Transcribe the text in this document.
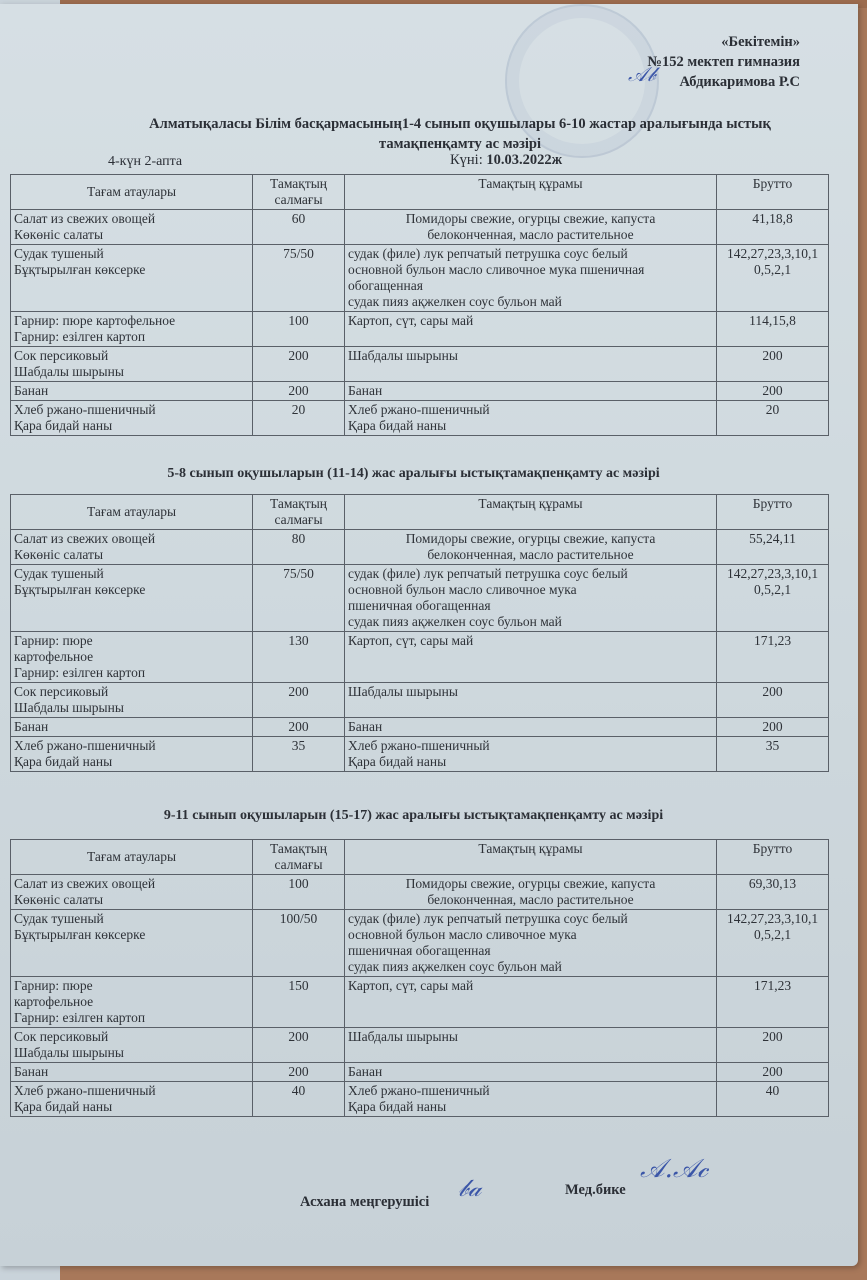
«Бекітемін»
№152 мектеп гимназия
Абдикаримова Р.С
𝒜𝒷
Алматықаласы Білім басқармасының1-4 сынып оқушылары 6-10 жастар аралығында ыстық
тамақпенқамту ас мәзірі
4-күн 2-апта	Күні: 10.03.2022ж
Тағам атаулары	Тамақтың
салмағы	Тамақтың құрамы	Брутто

Салат из свежих овощей
Көкөніс салаты	60	Помидоры свежие, огурцы свежие, капуста
белоконченная, масло растительное	41,18,8

Судак тушеный
Бұқтырылған көксерке	75/50	судак (филе) лук репчатый петрушка соус белый
основной бульон масло сливочное мука пшеничная
обогащенная
судак пияз ақжелкен соус бульон май	142,27,23,3,10,1
0,5,2,1

Гарнир: пюре картофельное
Гарнир: езілген картоп	100	Картоп, сүт, сары май	114,15,8

Сок персиковый
Шабдалы шырыны	200	Шабдалы шырыны	200

Банан	200	Банан	200

Хлеб ржано-пшеничный
Қара бидай наны	20	Хлеб ржано-пшеничный
Қара бидай наны	20
5-8 сынып оқушыларын (11-14) жас аралығы ыстықтамақпенқамту ас мәзірі
Тағам атаулары	Тамақтың
салмағы	Тамақтың құрамы	Брутто

Салат из свежих овощей
Көкөніс салаты	80	Помидоры свежие, огурцы свежие, капуста
белоконченная, масло растительное	55,24,11

Судак тушеный
Бұқтырылған көксерке	75/50	судак (филе) лук репчатый петрушка соус белый
основной бульон масло сливочное мука
пшеничная обогащенная
судак пияз ақжелкен соус бульон май	142,27,23,3,10,1
0,5,2,1

Гарнир: пюре
картофельное
Гарнир: езілген картоп	130	Картоп, сүт, сары май	171,23

Сок персиковый
Шабдалы шырыны	200	Шабдалы шырыны	200

Банан	200	Банан	200

Хлеб ржано-пшеничный
Қара бидай наны	35	Хлеб ржано-пшеничный
Қара бидай наны	35
9-11 сынып оқушыларын (15-17) жас аралығы ыстықтамақпенқамту ас мәзірі
Тағам атаулары	Тамақтың
салмағы	Тамақтың құрамы	Брутто

Салат из свежих овощей
Көкөніс салаты	100	Помидоры свежие, огурцы свежие, капуста
белоконченная, масло растительное	69,30,13

Судак тушеный
Бұқтырылған көксерке	100/50	судак (филе) лук репчатый петрушка соус белый
основной бульон масло сливочное мука
пшеничная обогащенная
судак пияз ақжелкен соус бульон май	142,27,23,3,10,1
0,5,2,1

Гарнир: пюре
картофельное
Гарнир: езілген картоп	150	Картоп, сүт, сары май	171,23

Сок персиковый
Шабдалы шырыны	200	Шабдалы шырыны	200

Банан	200	Банан	200

Хлеб ржано-пшеничный
Қара бидай наны	40	Хлеб ржано-пшеничный
Қара бидай наны	40
Асхана меңгерушісі 𝒷𝒶	Мед.бике
𝒜.𝒜𝒸
